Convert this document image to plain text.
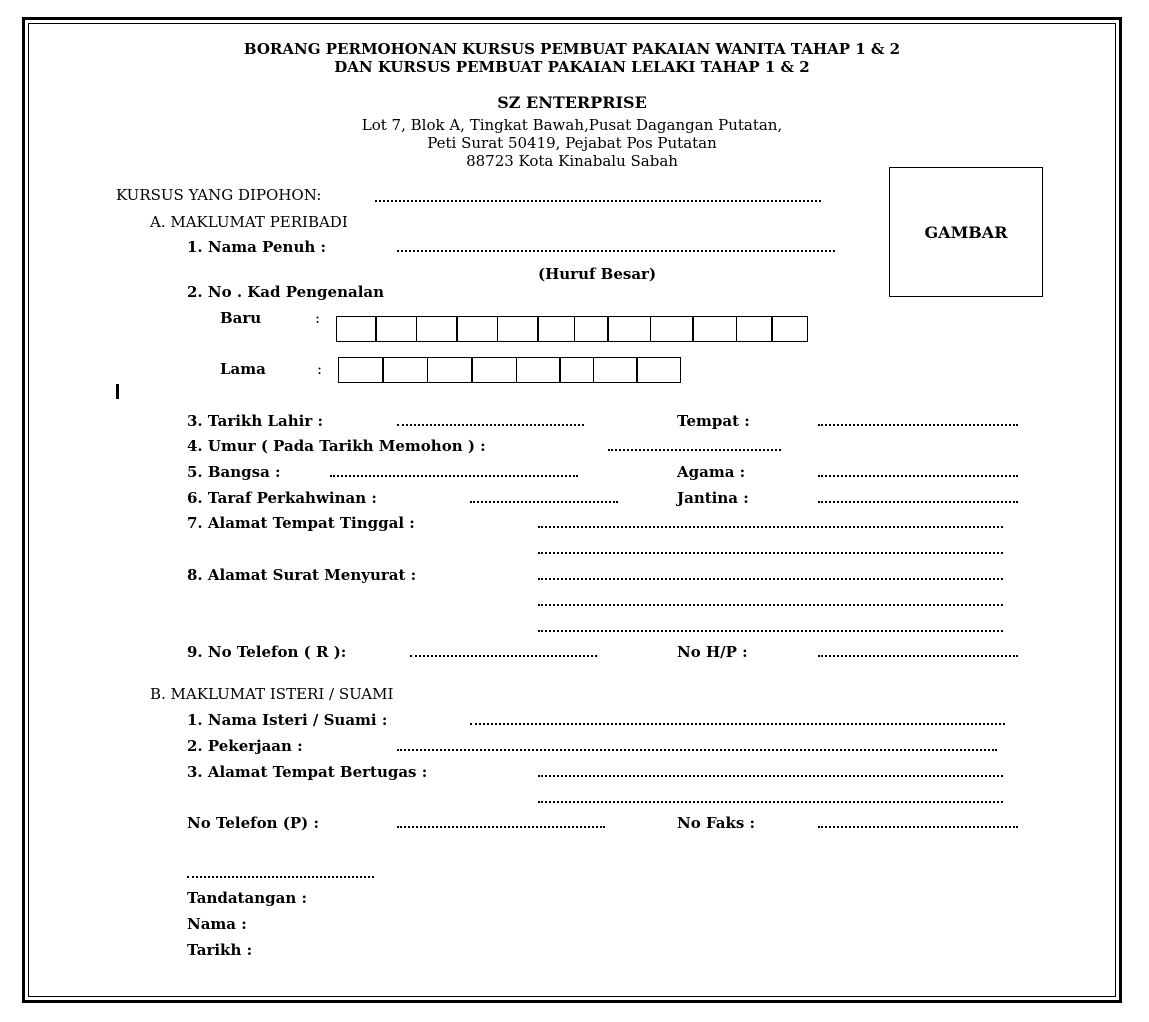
BORANG PERMOHONAN KURSUS PEMBUAT PAKAIAN WANITA TAHAP 1 & 2
DAN KURSUS PEMBUAT PAKAIAN LELAKI TAHAP 1 & 2
SZ ENTERPRISE
Lot 7, Blok A, Tingkat Bawah,Pusat Dagangan Putatan,
Peti Surat 50419, Pejabat Pos Putatan
88723 Kota Kinabalu Sabah
GAMBAR
KURSUS YANG DIPOHON:
A. MAKLUMAT PERIBADI
1. Nama Penuh :
(Huruf Besar)
2. No . Kad Pengenalan
Baru	:
Lama	:
3. Tarikh Lahir :	Tempat :
4. Umur ( Pada Tarikh Memohon ) :
5. Bangsa :	Agama :
6. Taraf Perkahwinan :	Jantina :
7. Alamat Tempat Tinggal :
8. Alamat Surat Menyurat :
9. No Telefon ( R ):	No H/P :
B. MAKLUMAT ISTERI / SUAMI
1. Nama Isteri / Suami :
2. Pekerjaan :
3. Alamat Tempat Bertugas :
No Telefon (P) :	No Faks :
Tandatangan :
Nama :
Tarikh :
